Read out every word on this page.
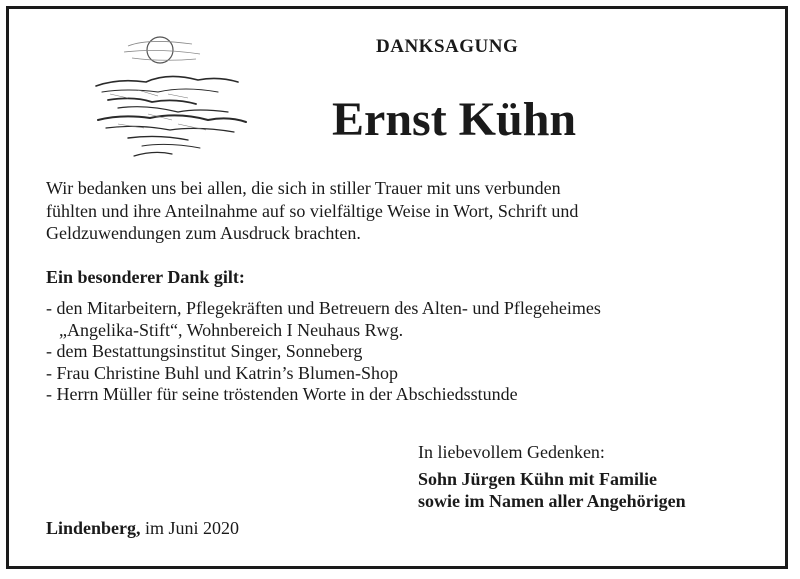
DANKSAGUNG
Ernst Kühn
Wir bedanken uns bei allen, die sich in stiller Trauer mit uns verbunden
fühlten und ihre Anteilnahme auf so vielfältige Weise in Wort, Schrift und
Geldzuwendungen zum Ausdruck brachten.
Ein besonderer Dank gilt:
- den Mitarbeitern, Pflegekräften und Betreuern des Alten- und Pflegeheimes
„Angelika-Stift“, Wohnbereich I Neuhaus Rwg.
- dem Bestattungsinstitut Singer, Sonneberg
- Frau Christine Buhl und Katrin’s Blumen-Shop
- Herrn Müller für seine tröstenden Worte in der Abschiedsstunde
In liebevollem Gedenken:
Sohn Jürgen Kühn mit Familie
sowie im Namen aller Angehörigen
Lindenberg, im Juni 2020
